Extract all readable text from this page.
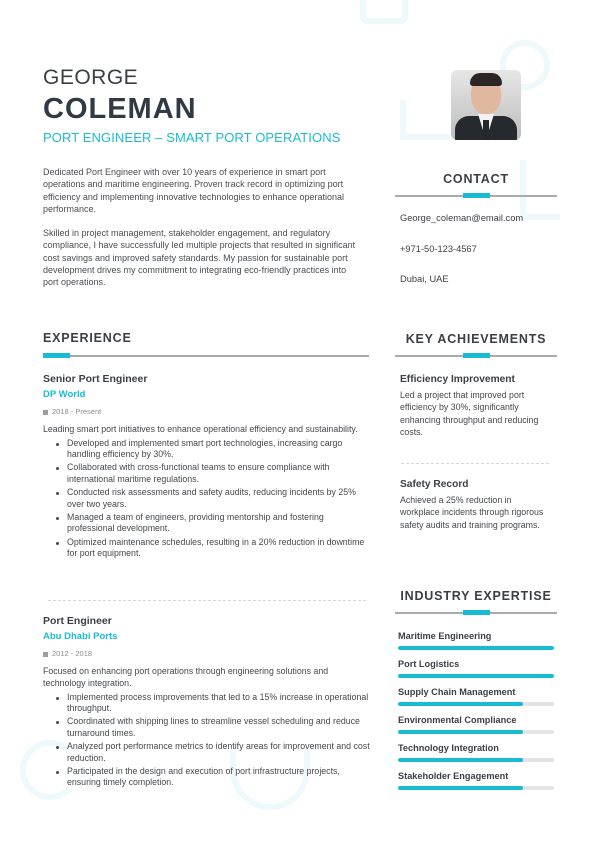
GEORGE
COLEMAN
PORT ENGINEER – SMART PORT OPERATIONS

Dedicated Port Engineer with over 10 years of experience in smart port operations and maritime engineering. Proven track record in optimizing port efficiency and implementing innovative technologies to enhance operational performance.

Skilled in project management, stakeholder engagement, and regulatory compliance, I have successfully led multiple projects that resulted in significant cost savings and improved safety standards. My passion for sustainable port development drives my commitment to integrating eco-friendly practices into port operations.

CONTACT
George_coleman@email.com
+971-50-123-4567
Dubai, UAE
EXPERIENCE
Senior Port Engineer
DP World
2018 - Present
Leading smart port initiatives to enhance operational efficiency and sustainability.
Developed and implemented smart port technologies, increasing cargo handling efficiency by 30%.
Collaborated with cross-functional teams to ensure compliance with international maritime regulations.
Conducted risk assessments and safety audits, reducing incidents by 25% over two years.
Managed a team of engineers, providing mentorship and fostering professional development.
Optimized maintenance schedules, resulting in a 20% reduction in downtime for port equipment.
Port Engineer
Abu Dhabi Ports
2012 - 2018
Focused on enhancing port operations through engineering solutions and technology integration.
Implemented process improvements that led to a 15% increase in operational throughput.
Coordinated with shipping lines to streamline vessel scheduling and reduce turnaround times.
Analyzed port performance metrics to identify areas for improvement and cost reduction.
Participated in the design and execution of port infrastructure projects, ensuring timely completion.
KEY ACHIEVEMENTS
Efficiency Improvement
Led a project that improved port efficiency by 30%, significantly enhancing throughput and reducing costs.
Safety Record
Achieved a 25% reduction in workplace incidents through rigorous safety audits and training programs.
INDUSTRY EXPERTISE
Maritime Engineering
Port Logistics
Supply Chain Management
Environmental Compliance
Technology Integration
Stakeholder Engagement
